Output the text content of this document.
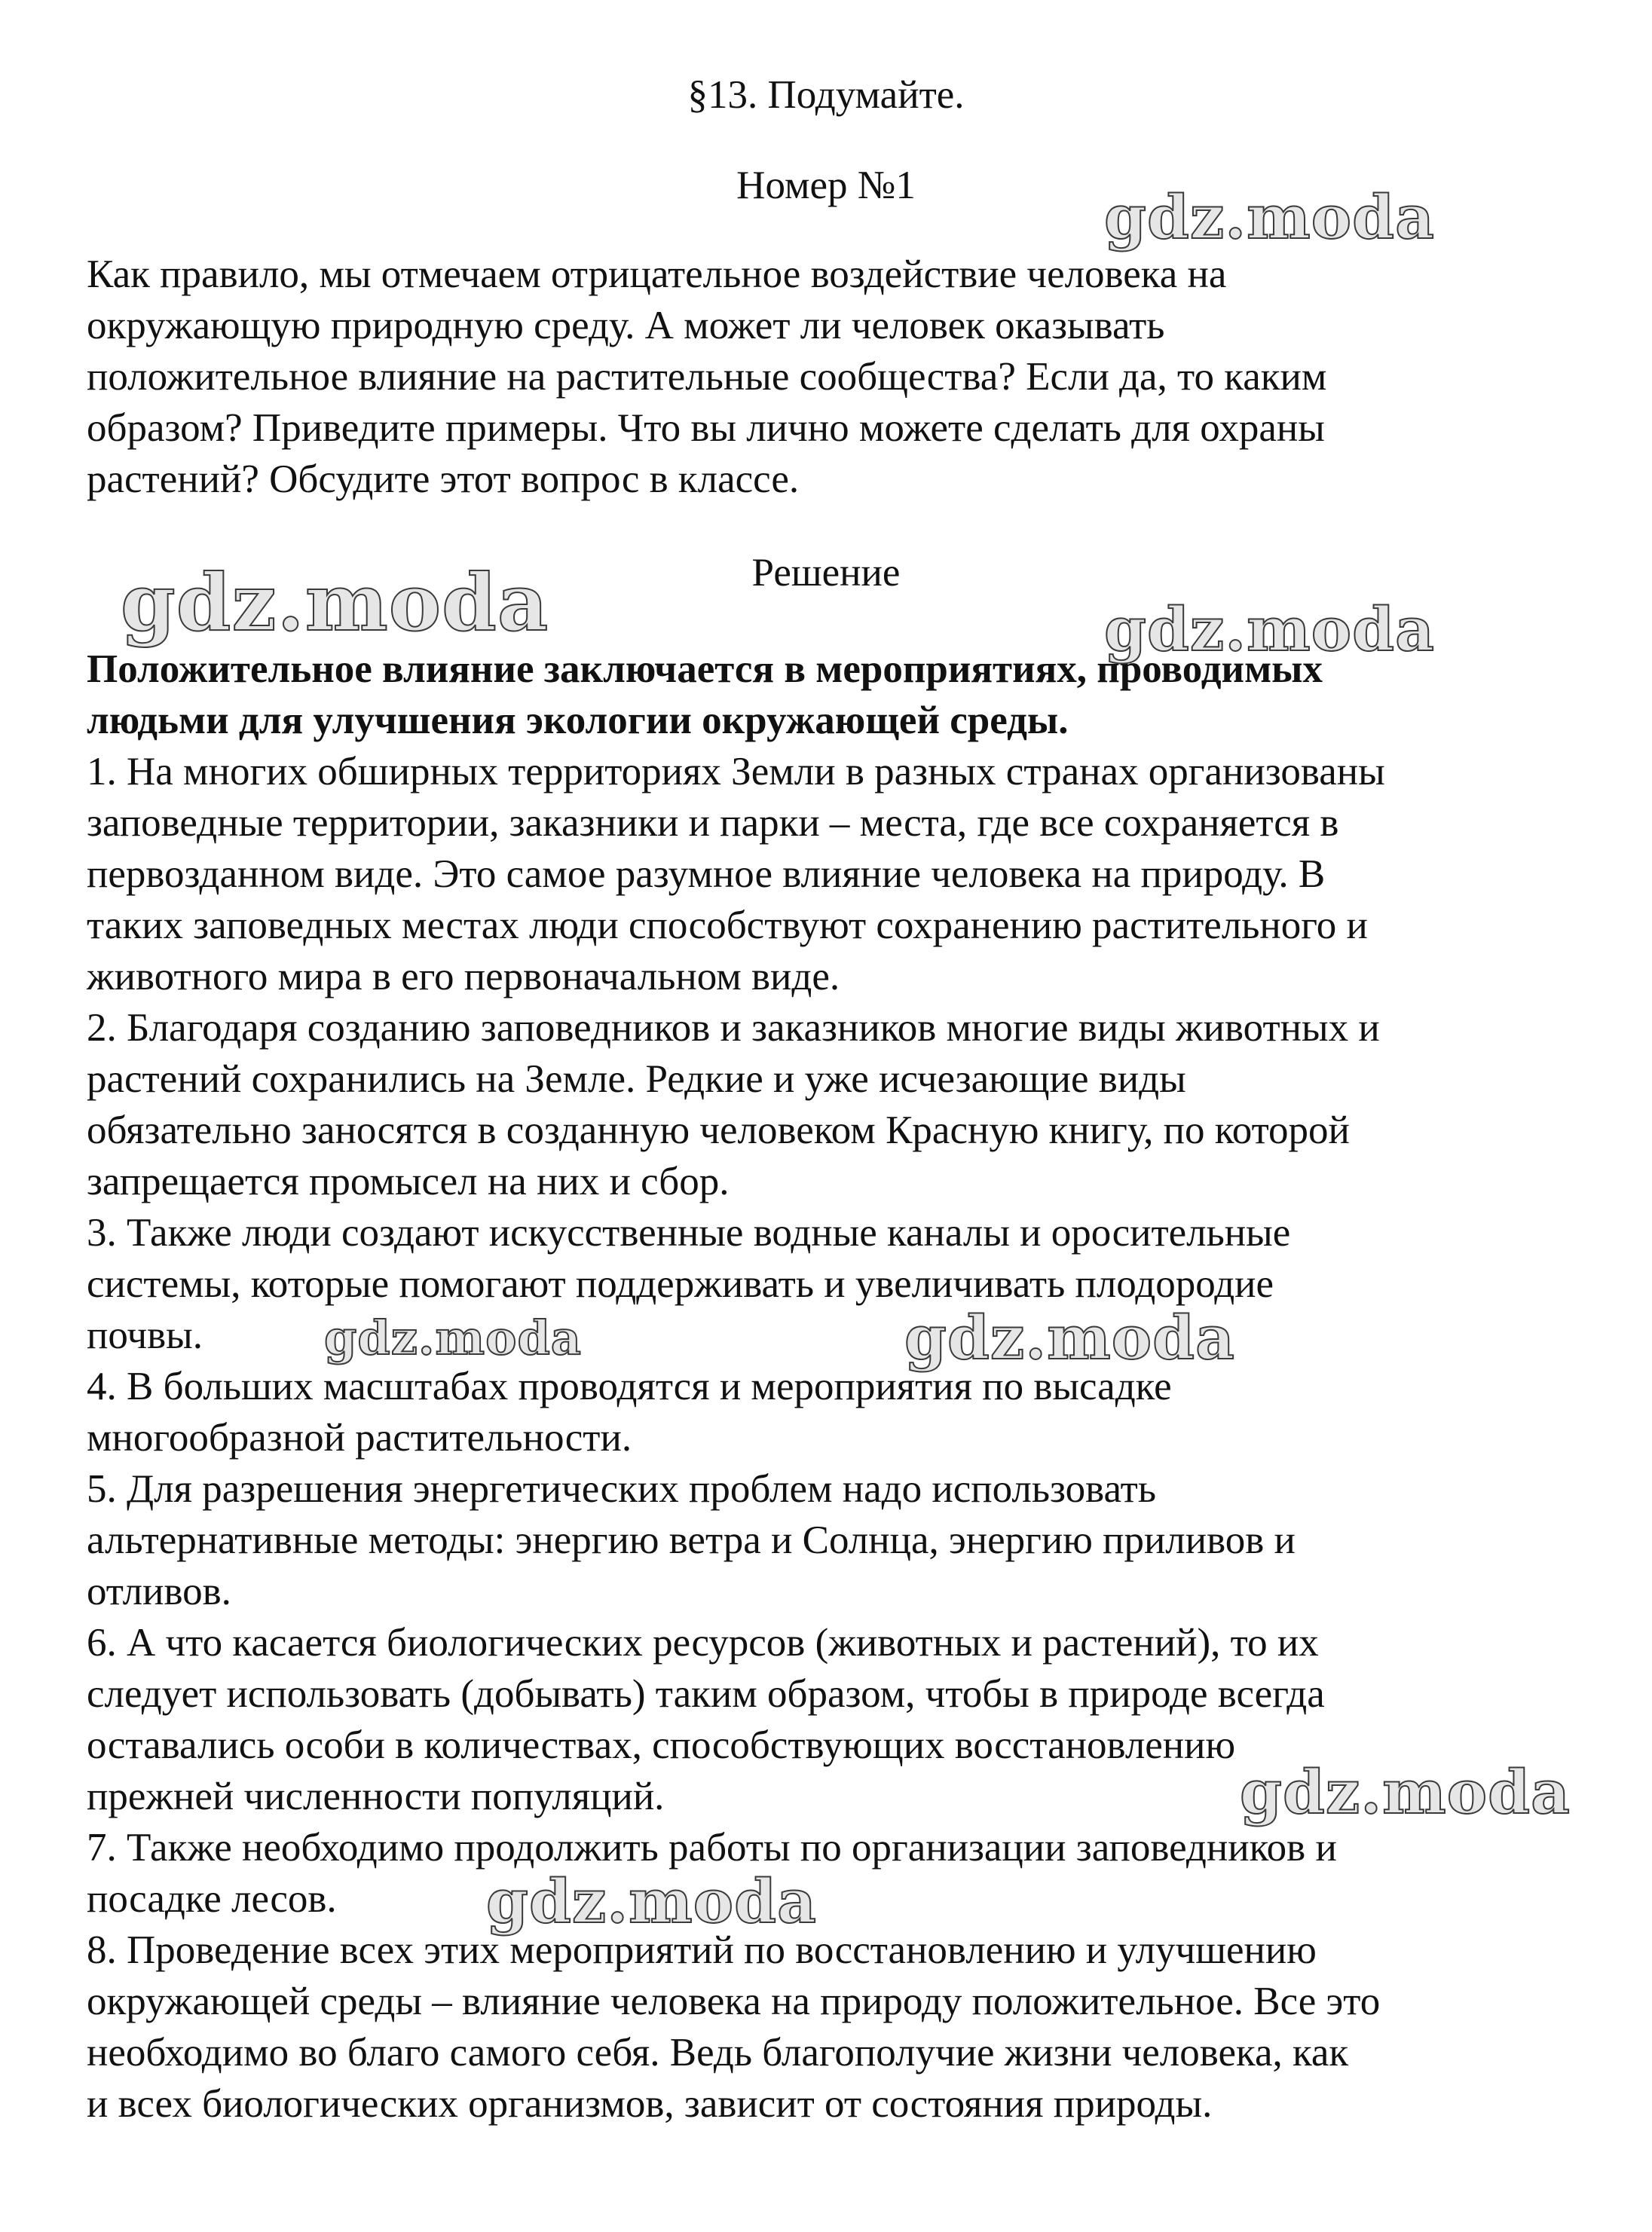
§13. Подумайте.
Номер №1
Как правило, мы отмечаем отрицательное воздействие человека на
окружающую природную среду. А может ли человек оказывать
положительное влияние на растительные сообщества? Если да, то каким
образом? Приведите примеры. Что вы лично можете сделать для охраны
растений? Обсудите этот вопрос в классе.
Решение
Положительное влияние заключается в мероприятиях, проводимых
людьми для улучшения экологии окружающей среды.
1. На многих обширных территориях Земли в разных странах организованы
заповедные территории, заказники и парки – места, где все сохраняется в
первозданном виде. Это самое разумное влияние человека на природу. В
таких заповедных местах люди способствуют сохранению растительного и
животного мира в его первоначальном виде.
2. Благодаря созданию заповедников и заказников многие виды животных и
растений сохранились на Земле. Редкие и уже исчезающие виды
обязательно заносятся в созданную человеком Красную книгу, по которой
запрещается промысел на них и сбор.
3. Также люди создают искусственные водные каналы и оросительные
системы, которые помогают поддерживать и увеличивать плодородие
почвы.
4. В больших масштабах проводятся и мероприятия по высадке
многообразной растительности.
5. Для разрешения энергетических проблем надо использовать
альтернативные методы: энергию ветра и Солнца, энергию приливов и
отливов.
6. А что касается биологических ресурсов (животных и растений), то их
следует использовать (добывать) таким образом, чтобы в природе всегда
оставались особи в количествах, способствующих восстановлению
прежней численности популяций.
7. Также необходимо продолжить работы по организации заповедников и
посадке лесов.
8. Проведение всех этих мероприятий по восстановлению и улучшению
окружающей среды – влияние человека на природу положительное. Все это
необходимо во благо самого себя. Ведь благополучие жизни человека, как
и всех биологических организмов, зависит от состояния природы.
gdz.moda
gdz.moda	gdz.moda
gdz.moda	gdz.moda
gdz.moda
gdz.moda
